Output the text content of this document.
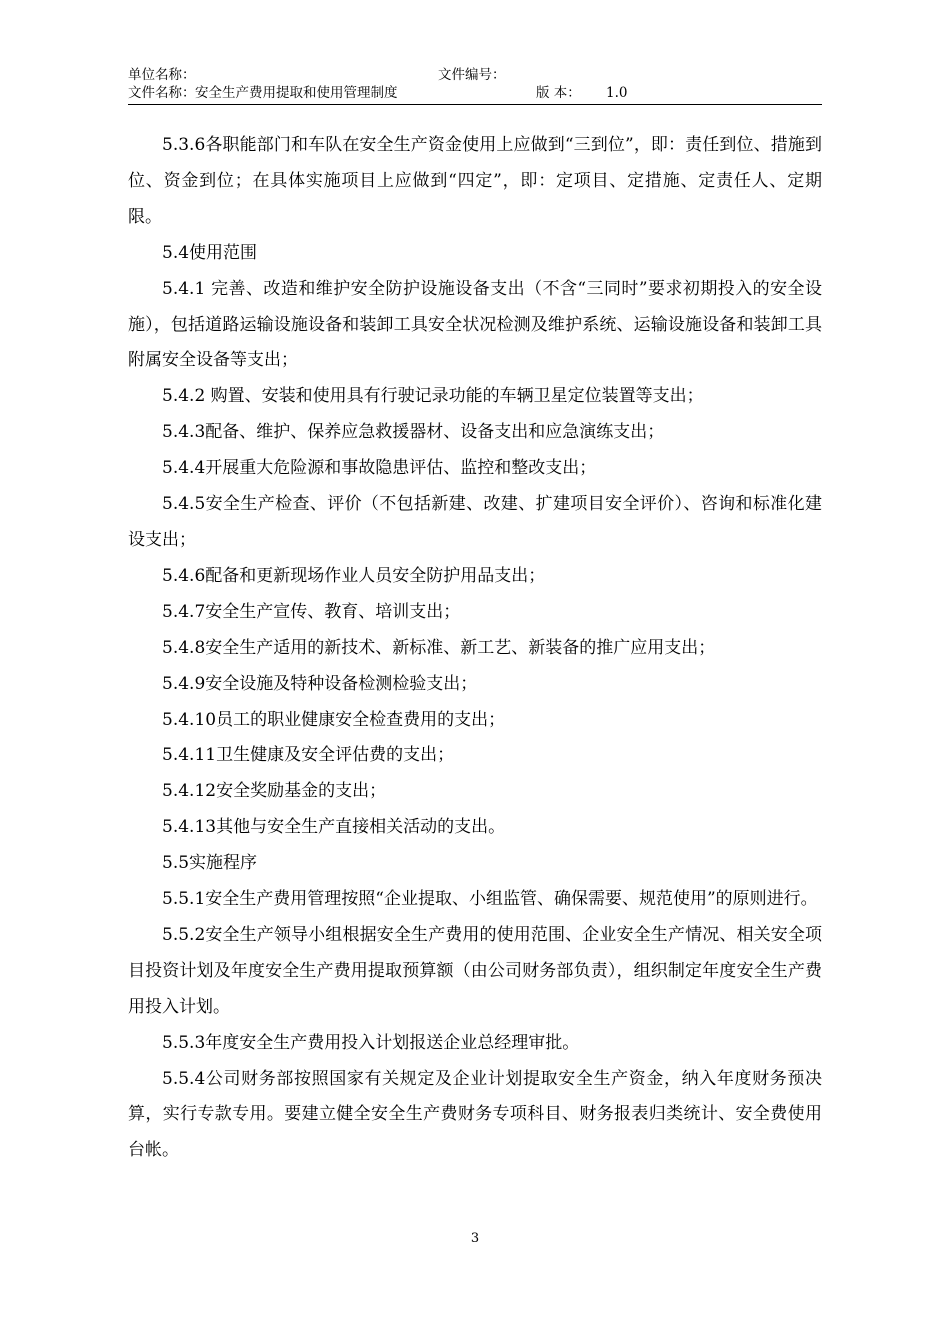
单位名称：	文件编号：
文件名称： 安全生产费用提取和使用管理制度	版 本： 1.0

5.3.6各职能部门和车队在安全生产资金使用上应做到“三到位”，即：责任到位、措施到位、资金到位；在具体实施项目上应做到“四定”，即：定项目、定措施、定责任人、定期限。

5.4使用范围

5.4.1 完善、改造和维护安全防护设施设备支出（不含“三同时”要求初期投入的安全设施），包括道路运输设施设备和装卸工具安全状况检测及维护系统、运输设施设备和装卸工具附属安全设备等支出；

5.4.2 购置、安装和使用具有行驶记录功能的车辆卫星定位装置等支出；

5.4.3配备、维护、保养应急救援器材、设备支出和应急演练支出；

5.4.4开展重大危险源和事故隐患评估、监控和整改支出；

5.4.5安全生产检查、评价（不包括新建、改建、扩建项目安全评价）、咨询和标准化建设支出；

5.4.6配备和更新现场作业人员安全防护用品支出；

5.4.7安全生产宣传、教育、培训支出；

5.4.8安全生产适用的新技术、新标准、新工艺、新装备的推广应用支出；

5.4.9安全设施及特种设备检测检验支出；

5.4.10员工的职业健康安全检查费用的支出；

5.4.11卫生健康及安全评估费的支出；

5.4.12安全奖励基金的支出；

5.4.13其他与安全生产直接相关活动的支出。

5.5实施程序

5.5.1安全生产费用管理按照“企业提取、小组监管、确保需要、规范使用”的原则进行。

5.5.2安全生产领导小组根据安全生产费用的使用范围、企业安全生产情况、相关安全项目投资计划及年度安全生产费用提取预算额（由公司财务部负责），组织制定年度安全生产费用投入计划。

5.5.3年度安全生产费用投入计划报送企业总经理审批。

5.5.4公司财务部按照国家有关规定及企业计划提取安全生产资金，纳入年度财务预决算，实行专款专用。要建立健全安全生产费财务专项科目、财务报表归类统计、安全费使用台帐。

3
